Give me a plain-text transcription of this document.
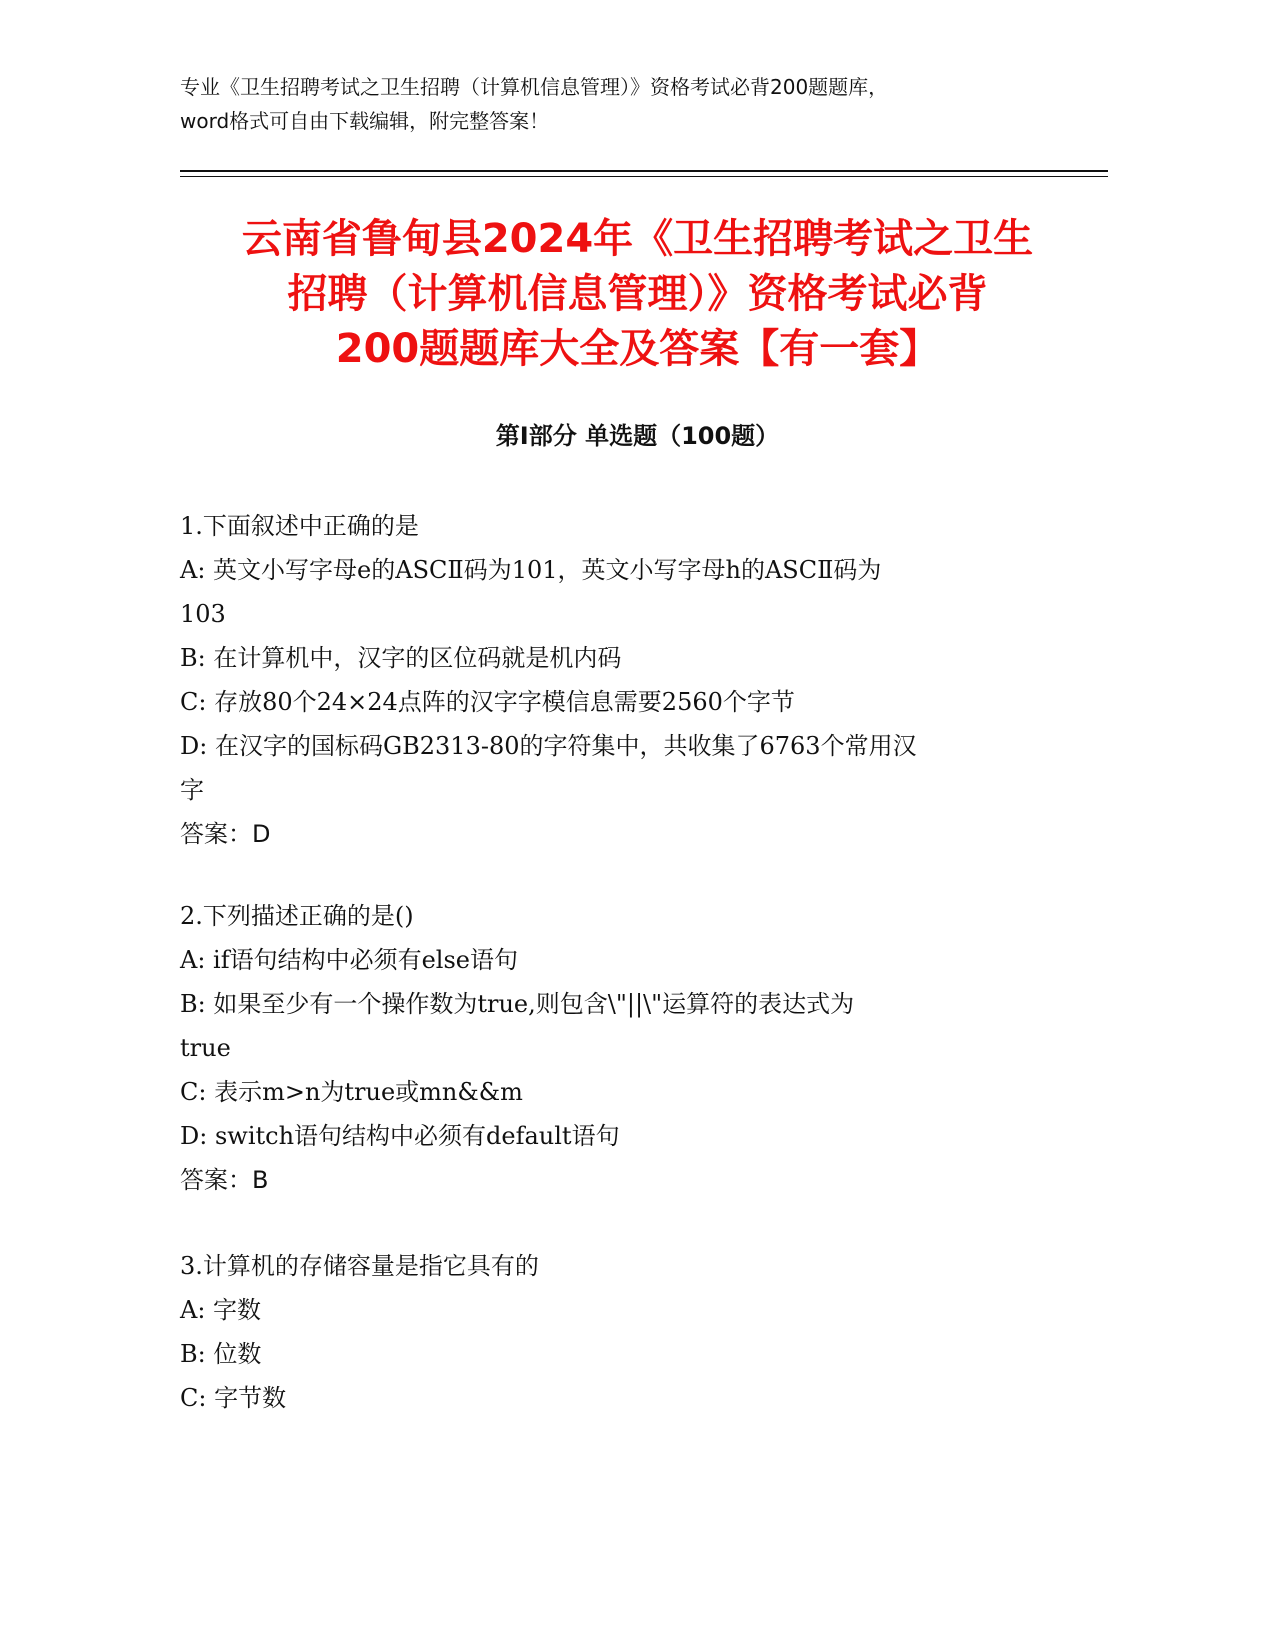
专业《卫生招聘考试之卫生招聘（计算机信息管理）》资格考试必背200题题库，
word格式可自由下载编辑，附完整答案！
云南省鲁甸县2024年《卫生招聘考试之卫生
招聘（计算机信息管理）》资格考试必背
200题题库大全及答案【有一套】
第Ⅰ部分 单选题（100题）
1.下面叙述中正确的是
A: 英文小写字母e的ASCⅡ码为101，英文小写字母h的ASCⅡ码为
103
B: 在计算机中，汉字的区位码就是机内码
C: 存放80个24×24点阵的汉字字模信息需要2560个字节
D: 在汉字的国标码GB2313-80的字符集中，共收集了6763个常用汉
字
答案：D
2.下列描述正确的是()
A: if语句结构中必须有else语句
B: 如果至少有一个操作数为true,则包含\"||\"运算符的表达式为
true
C: 表示m>n为true或mn&&m
D: switch语句结构中必须有default语句
答案：B
3.计算机的存储容量是指它具有的
A: 字数
B: 位数
C: 字节数
